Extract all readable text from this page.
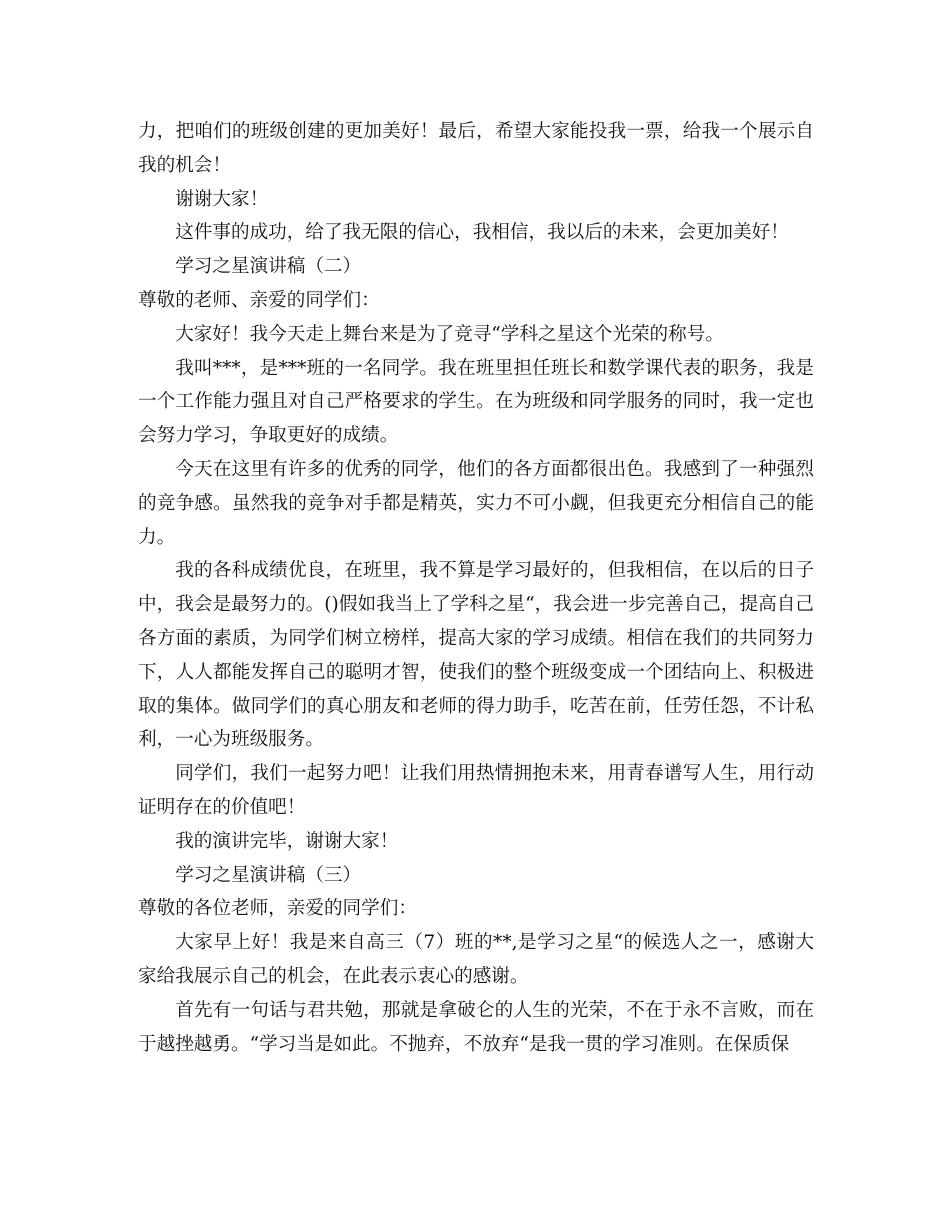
力，把咱们的班级创建的更加美好！最后，希望大家能投我一票，给我一个展示自我的机会！

谢谢大家！

这件事的成功，给了我无限的信心，我相信，我以后的未来，会更加美好！

学习之星演讲稿（二）

尊敬的老师、亲爱的同学们：

大家好！我今天走上舞台来是为了竞寻“学科之星这个光荣的称号。

我叫***，是***班的一名同学。我在班里担任班长和数学课代表的职务，我是一个工作能力强且对自己严格要求的学生。在为班级和同学服务的同时，我一定也会努力学习，争取更好的成绩。

今天在这里有许多的优秀的同学，他们的各方面都很出色。我感到了一种强烈的竞争感。虽然我的竞争对手都是精英，实力不可小觑，但我更充分相信自己的能力。

我的各科成绩优良，在班里，我不算是学习最好的，但我相信，在以后的日子中，我会是最努力的。()假如我当上了学科之星“，我会进一步完善自己，提高自己各方面的素质，为同学们树立榜样，提高大家的学习成绩。相信在我们的共同努力下，人人都能发挥自己的聪明才智，使我们的整个班级变成一个团结向上、积极进取的集体。做同学们的真心朋友和老师的得力助手，吃苦在前，任劳任怨，不计私利，一心为班级服务。

同学们，我们一起努力吧！让我们用热情拥抱未来，用青春谱写人生，用行动证明存在的价值吧！

我的演讲完毕，谢谢大家！

学习之星演讲稿（三）

尊敬的各位老师，亲爱的同学们：

大家早上好！我是来自高三（7）班的**,是学习之星“的候选人之一，感谢大家给我展示自己的机会，在此表示衷心的感谢。

首先有一句话与君共勉，那就是拿破仑的人生的光荣，不在于永不言败，而在于越挫越勇。“学习当是如此。不抛弃，不放弃“是我一贯的学习准则。在保质保
